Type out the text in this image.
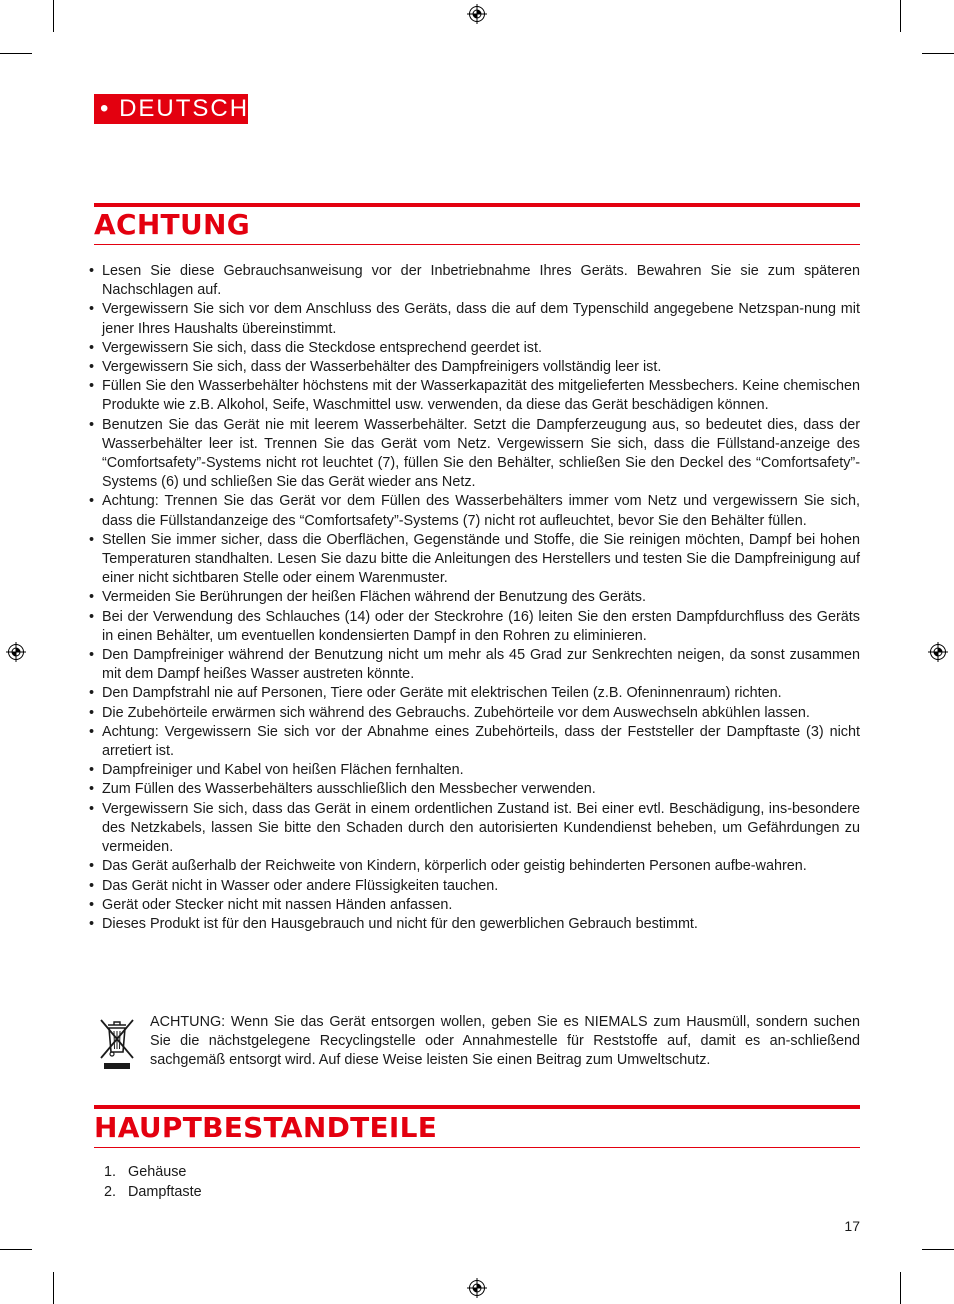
• DEUTSCH
ACHTUNG
• Lesen Sie diese Gebrauchsanweisung vor der Inbetriebnahme Ihres Geräts. Bewahren Sie sie zum späteren Nachschlagen auf.
• Vergewissern Sie sich vor dem Anschluss des Geräts, dass die auf dem Typenschild angegebene Netzspan-nung mit jener Ihres Haushalts übereinstimmt.
• Vergewissern Sie sich, dass die Steckdose entsprechend geerdet ist.
• Vergewissern Sie sich, dass der Wasserbehälter des Dampfreinigers vollständig leer ist.
• Füllen Sie den Wasserbehälter höchstens mit der Wasserkapazität des mitgelieferten Messbechers. Keine chemischen Produkte wie z.B. Alkohol, Seife, Waschmittel usw. verwenden, da diese das Gerät beschädigen können.
• Benutzen Sie das Gerät nie mit leerem Wasserbehälter. Setzt die Dampferzeugung aus, so bedeutet dies, dass der Wasserbehälter leer ist. Trennen Sie das Gerät vom Netz. Vergewissern Sie sich, dass die Füllstand-anzeige des “Comfortsafety”-Systems nicht rot leuchtet (7), füllen Sie den Behälter, schließen Sie den Deckel des “Comfortsafety”-Systems (6) und schließen Sie das Gerät wieder ans Netz.
• Achtung: Trennen Sie das Gerät vor dem Füllen des Wasserbehälters immer vom Netz und vergewissern Sie sich, dass die Füllstandanzeige des “Comfortsafety”-Systems (7) nicht rot aufleuchtet, bevor Sie den Behälter füllen.
• Stellen Sie immer sicher, dass die Oberflächen, Gegenstände und Stoffe, die Sie reinigen möchten, Dampf bei hohen Temperaturen standhalten. Lesen Sie dazu bitte die Anleitungen des Herstellers und testen Sie die Dampfreinigung auf einer nicht sichtbaren Stelle oder einem Warenmuster.
• Vermeiden Sie Berührungen der heißen Flächen während der Benutzung des Geräts.
• Bei der Verwendung des Schlauches (14) oder der Steckrohre (16) leiten Sie den ersten Dampfdurchfluss des Geräts in einen Behälter, um eventuellen kondensierten Dampf in den Rohren zu eliminieren.
• Den Dampfreiniger während der Benutzung nicht um mehr als 45 Grad zur Senkrechten neigen, da sonst zusammen mit dem Dampf heißes Wasser austreten könnte.
• Den Dampfstrahl nie auf Personen, Tiere oder Geräte mit elektrischen Teilen (z.B. Ofeninnenraum) richten.
• Die Zubehörteile erwärmen sich während des Gebrauchs. Zubehörteile vor dem Auswechseln abkühlen lassen.
• Achtung: Vergewissern Sie sich vor der Abnahme eines Zubehörteils, dass der Feststeller der Dampftaste (3) nicht arretiert ist.
• Dampfreiniger und Kabel von heißen Flächen fernhalten.
• Zum Füllen des Wasserbehälters ausschließlich den Messbecher verwenden.
• Vergewissern Sie sich, dass das Gerät in einem ordentlichen Zustand ist. Bei einer evtl. Beschädigung, ins-besondere des Netzkabels, lassen Sie bitte den Schaden durch den autorisierten Kundendienst beheben, um Gefährdungen zu vermeiden.
• Das Gerät außerhalb der Reichweite von Kindern, körperlich oder geistig behinderten Personen aufbe-wahren.
• Das Gerät nicht in Wasser oder andere Flüssigkeiten tauchen.
• Gerät oder Stecker nicht mit nassen Händen anfassen.
• Dieses Produkt ist für den Hausgebrauch und nicht für den gewerblichen Gebrauch bestimmt.

ACHTUNG: Wenn Sie das Gerät entsorgen wollen, geben Sie es NIEMALS zum Hausmüll, sondern suchen Sie die nächstgelegene Recyclingstelle oder Annahmestelle für Reststoffe auf, damit es an-schließend sachgemäß entsorgt wird. Auf diese Weise leisten Sie einen Beitrag zum Umweltschutz.

HAUPTBESTANDTEILE
1. Gehäuse
2. Dampftaste
17
